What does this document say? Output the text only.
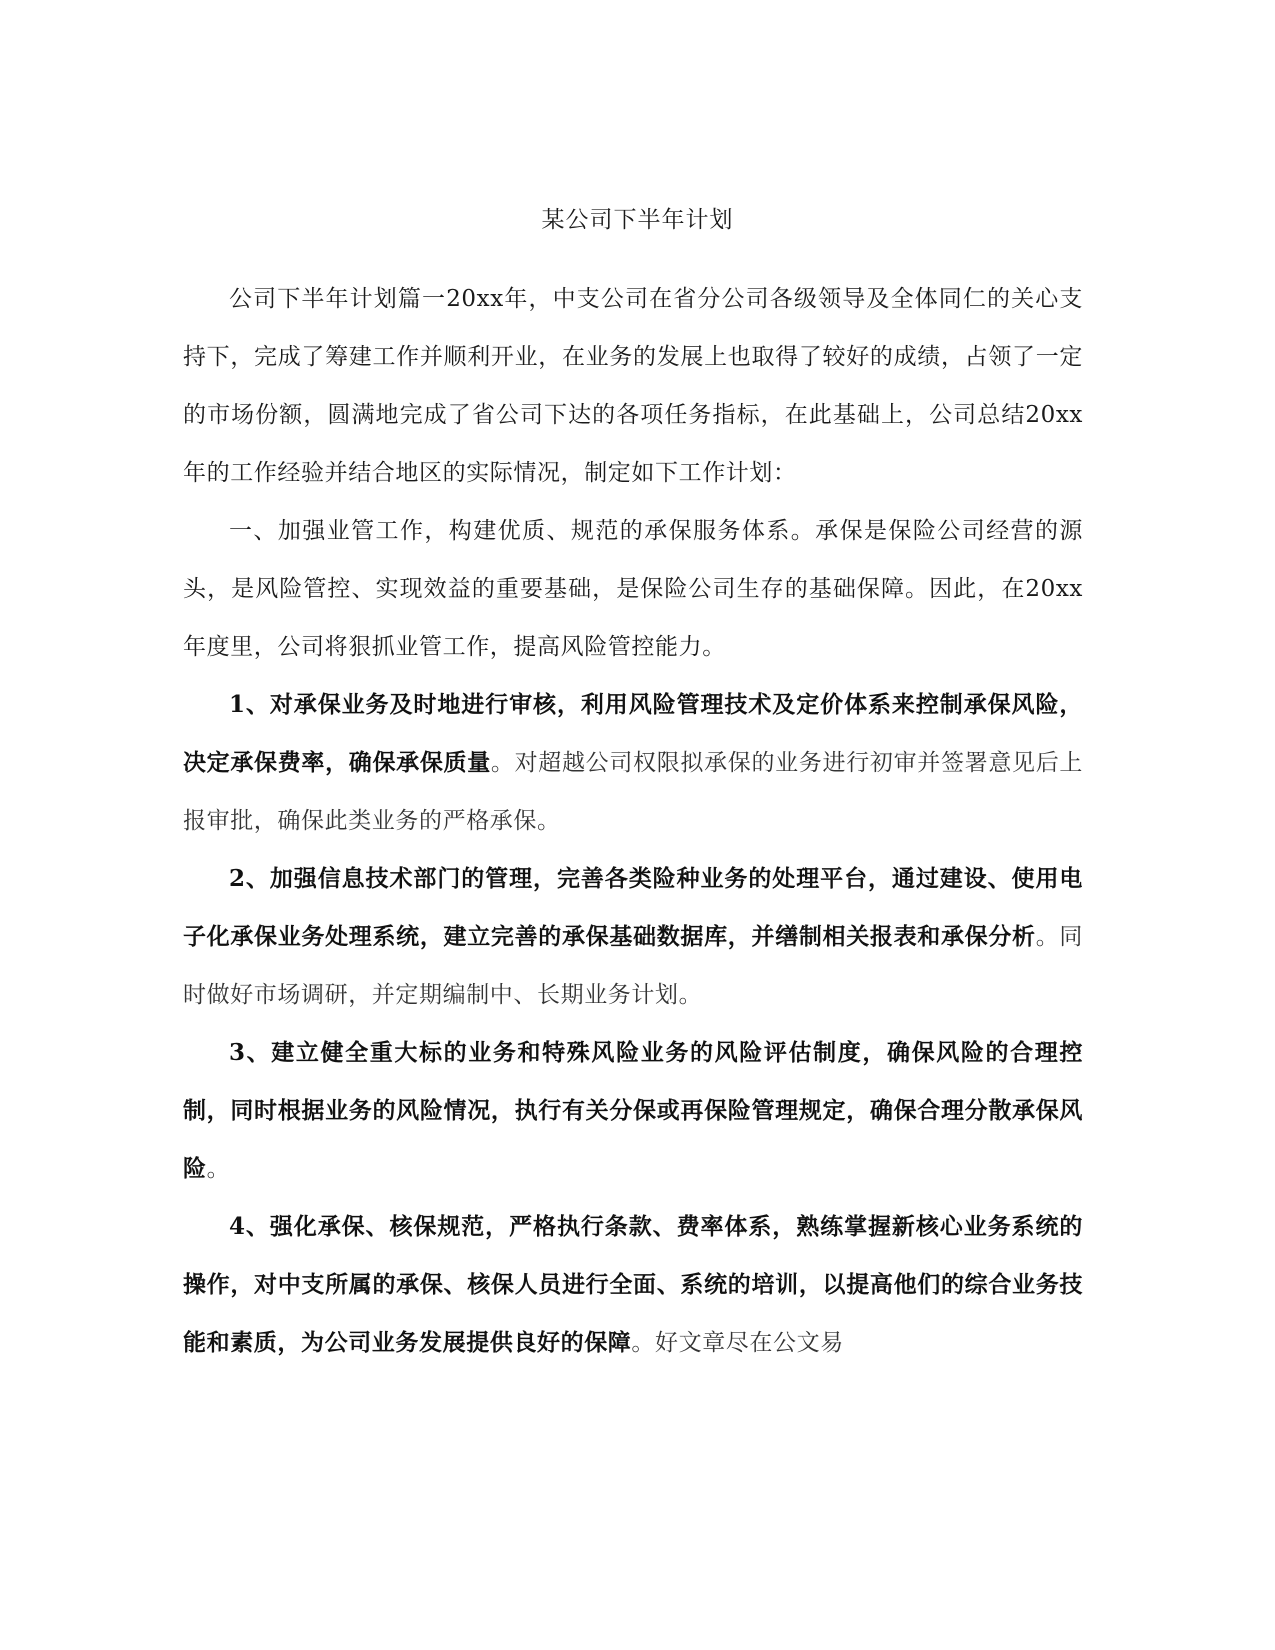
某公司下半年计划

公司下半年计划篇一20xx年，中支公司在省分公司各级领导及全体同仁的关心支持下，完成了筹建工作并顺利开业，在业务的发展上也取得了较好的成绩，占领了一定的市场份额，圆满地完成了省公司下达的各项任务指标，在此基础上，公司总结20xx年的工作经验并结合地区的实际情况，制定如下工作计划：

一、加强业管工作，构建优质、规范的承保服务体系。承保是保险公司经营的源头，是风险管控、实现效益的重要基础，是保险公司生存的基础保障。因此，在20xx年度里，公司将狠抓业管工作，提高风险管控能力。

1、对承保业务及时地进行审核，利用风险管理技术及定价体系来控制承保风险，决定承保费率，确保承保质量。对超越公司权限拟承保的业务进行初审并签署意见后上报审批，确保此类业务的严格承保。

2、加强信息技术部门的管理，完善各类险种业务的处理平台，通过建设、使用电子化承保业务处理系统，建立完善的承保基础数据库，并缮制相关报表和承保分析。同时做好市场调研，并定期编制中、长期业务计划。

3、建立健全重大标的业务和特殊风险业务的风险评估制度，确保风险的合理控制，同时根据业务的风险情况，执行有关分保或再保险管理规定，确保合理分散承保风险。

4、强化承保、核保规范，严格执行条款、费率体系，熟练掌握新核心业务系统的操作，对中支所属的承保、核保人员进行全面、系统的培训，以提高他们的综合业务技能和素质，为公司业务发展提供良好的保障。好文章尽在公文易
